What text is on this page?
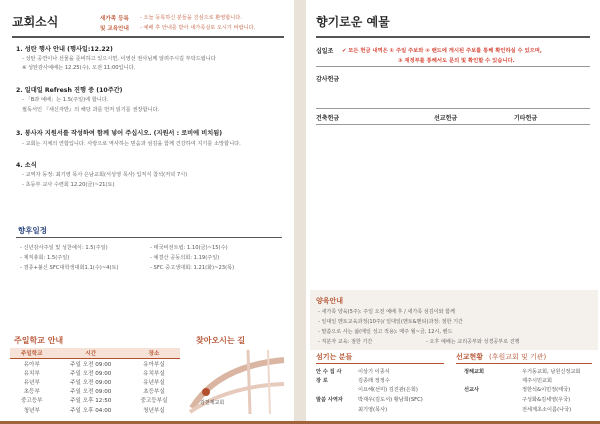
교회소식	새가족 등록 - 오늘 등록하신 분들을 진심으로 환영합니다.
및 교육안내 - 예배 후 안내를 받아 새가족실로 오시기 바랍니다.
1. 성탄 행사 안내 (행사일:12.22)
- 성탄 공연이나 선물을 준비하고 있으시면, 이영선 권사님께 알려주시길 부탁드립니다
※ 성탄감사예배는 12.25(수), 오전 11:00입니다.
2. 일대일 Refresh 진행 중 (10주간)
- 「B과 예배」는 1.5(주일)에 합니다.
필독서인 『새신자반』의 해당 과를 먼저 읽기를 권장합니다.
3. 봉사자 지원서를 작성하여 함께 넣어 주십시오. (지원서 : 로비에 비치됨)
- 교회는 지체의 연합입니다. 사랑으로 역사하는 믿음과 섬김을 함께 건강하여 지기를 소망합니다.
4. 소식
- 교역자 동정: 최기영 목사 은남교회(서성영 목사) 입직식 참석(저녁 7시)
- 초등부 교사 수련회 12.20(금)~21(토)
향후일정
- 신년감사주일 및 성찬예식: 1.5(주일)	- 태국비전트립: 1.10(금)~15(수)
- 제직총회: 1.5(주일)	- 예결산 공동의회: 1.19(주일)
- 겸종+불신 SFC대학생대회1.1(수)~4(토)	- SFC 중고생대회: 1.21(화)~23(목)
주일학교 안내
주일학교	시간	장소
유아부	주일 오전 09:00	유아부실
유치부	주일 오전 09:00	유치부실
유년부	주일 오전 09:00	유년부실
초등부	주일 오전 09:00	초등부실
중고등부	주일 오후 12:50	중고등부실
청년부	주일 오후 04:00	청년부실
찾아오시는 길
김천제교회
향기로운 예물
십일조 ✔ 모든 헌금 내역은 ① 주일 주보와 ② 밴드에 게시된 주보를 통해 확인하실 수 있으며,
③ 재정부를 통해서도 문의 및 확인할 수 있습니다.
감사헌금
건축헌금	선교헌금	기타헌금
양육안내
- 새가족 양육(5주): 주일 오전 예배 후 / 새가족 섬김이와 함께
- 일대일 멘토교육과정(10주)/ 일대일(멘토&멘티)과정: 점한 기간
- 말씀으로 사는 삶(매일 성고 적용): 매주 월~금, 12시, 밴드
- 직분자 교육: 점한 기간	- 오후 예배는 교리공부와 성경공부로 진행
섬기는 분들
안 수 집 사	이상기 이종식
장 로	김종래 정정수
이요해(선미) 김진관(은희)
말씀 사역자	박재우(김도서) 황남희(SFC)
최기영(목사)
선교현황 (후원교회 및 기관)
정해교회	우거동교회, 남원신정교회
제주시민교회
선교사	정한석&이민정(태국)
구성화&김세영(우국)
전세계초소이름(나국)
